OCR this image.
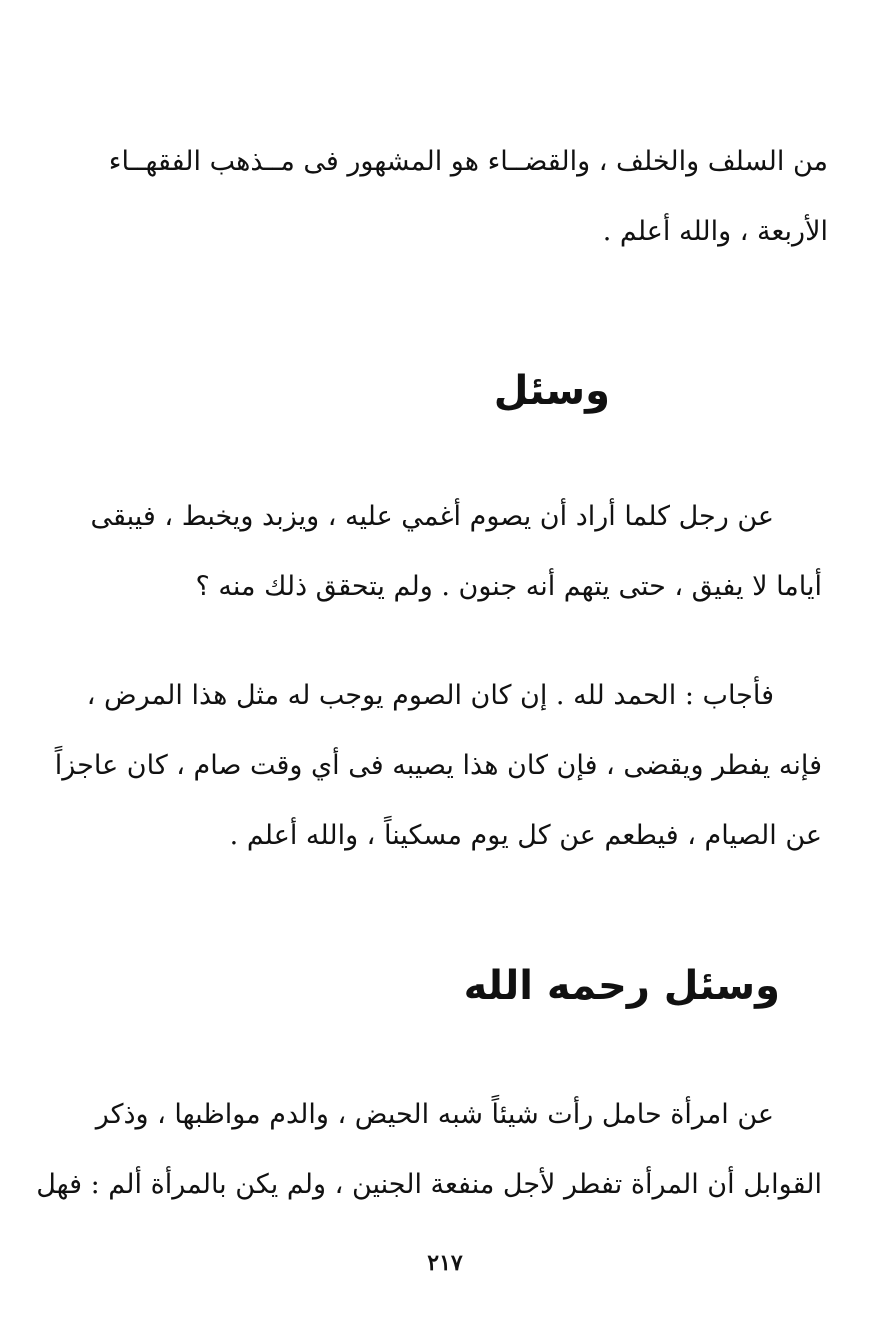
من السلف والخلف ، والقضــاء هو المشهور فى مــذهب الفقهــاء
الأربعة ، والله أعلم .
وسئل
عن رجل كلما أراد أن يصوم أغمي عليه ، ويزبد ويخبط ، فيبقى
أياما لا يفيق ، حتى يتهم أنه جنون . ولم يتحقق ذلك منه ؟
فأجاب : الحمد لله . إن كان الصوم يوجب له مثل هذا المرض ،
فإنه يفطر ويقضى ، فإن كان هذا يصيبه فى أي وقت صام ، كان عاجزاً
عن الصيام ، فيطعم عن كل يوم مسكيناً ، والله أعلم .
وسئل رحمه الله
عن امرأة حامل رأت شيئاً شبه الحيض ، والدم مواظبها ، وذكر
القوابل أن المرأة تفطر لأجل منفعة الجنين ، ولم يكن بالمرأة ألم : فهل
٢١٧
